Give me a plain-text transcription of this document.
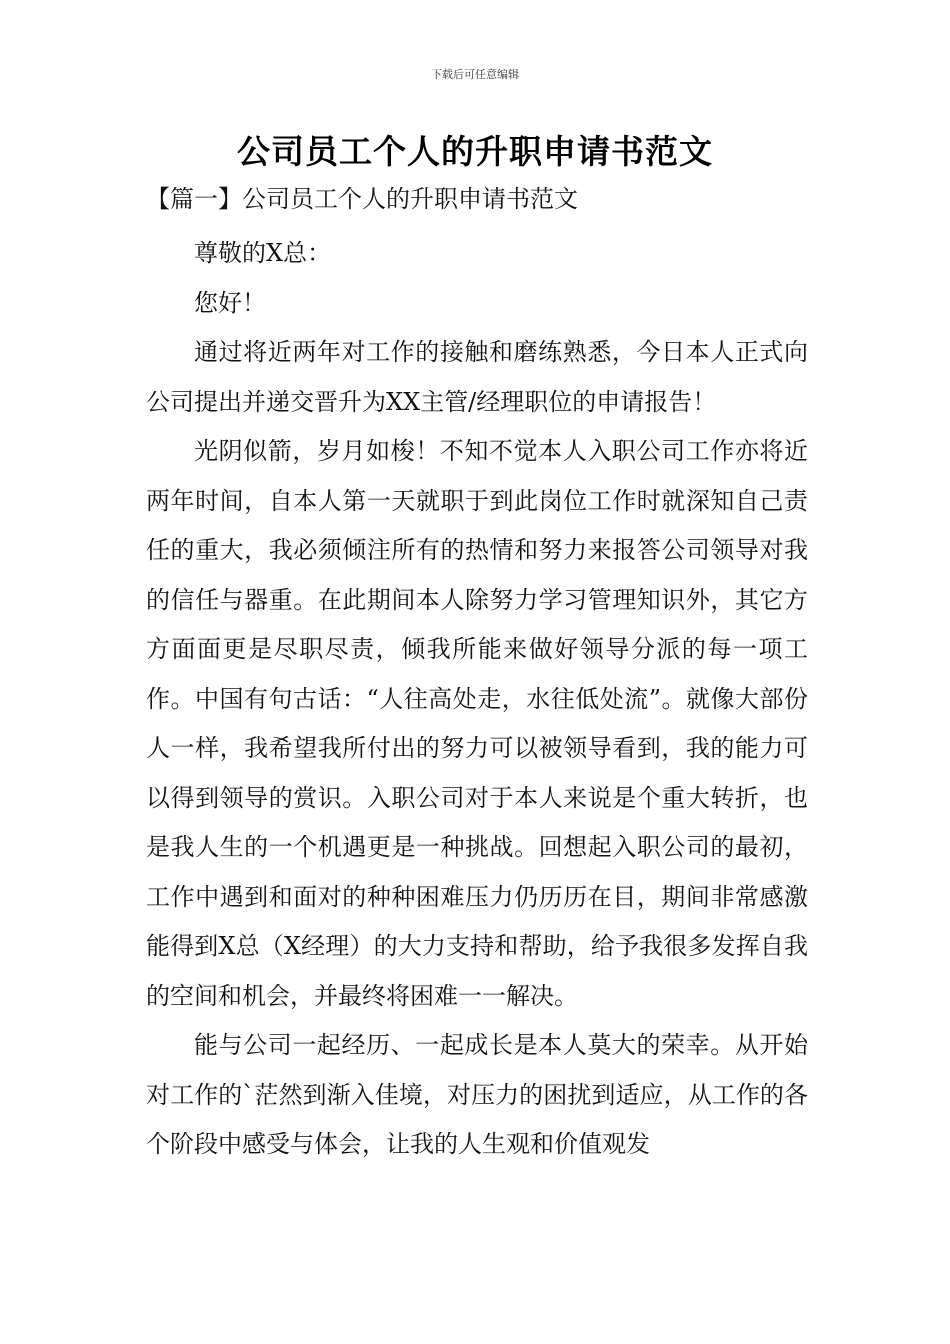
下载后可任意编辑
公司员工个人的升职申请书范文
【篇一】公司员工个人的升职申请书范文

尊敬的X总：

您好！

通过将近两年对工作的接触和磨练熟悉，今日本人正式向公司提出并递交晋升为XX主管/经理职位的申请报告！

光阴似箭，岁月如梭！不知不觉本人入职公司工作亦将近两年时间，自本人第一天就职于到此岗位工作时就深知自己责任的重大，我必须倾注所有的热情和努力来报答公司领导对我的信任与器重。在此期间本人除努力学习管理知识外，其它方方面面更是尽职尽责，倾我所能来做好领导分派的每一项工作。中国有句古话：“人往高处走，水往低处流”。就像大部份人一样，我希望我所付出的努力可以被领导看到，我的能力可以得到领导的赏识。入职公司对于本人来说是个重大转折，也是我人生的一个机遇更是一种挑战。回想起入职公司的最初，工作中遇到和面对的种种困难压力仍历历在目，期间非常感激能得到X总（X经理）的大力支持和帮助，给予我很多发挥自我的空间和机会，并最终将困难一一解决。

能与公司一起经历、一起成长是本人莫大的荣幸。从开始对工作的`茫然到渐入佳境，对压力的困扰到适应，从工作的各个阶段中感受与体会，让我的人生观和价值观发
